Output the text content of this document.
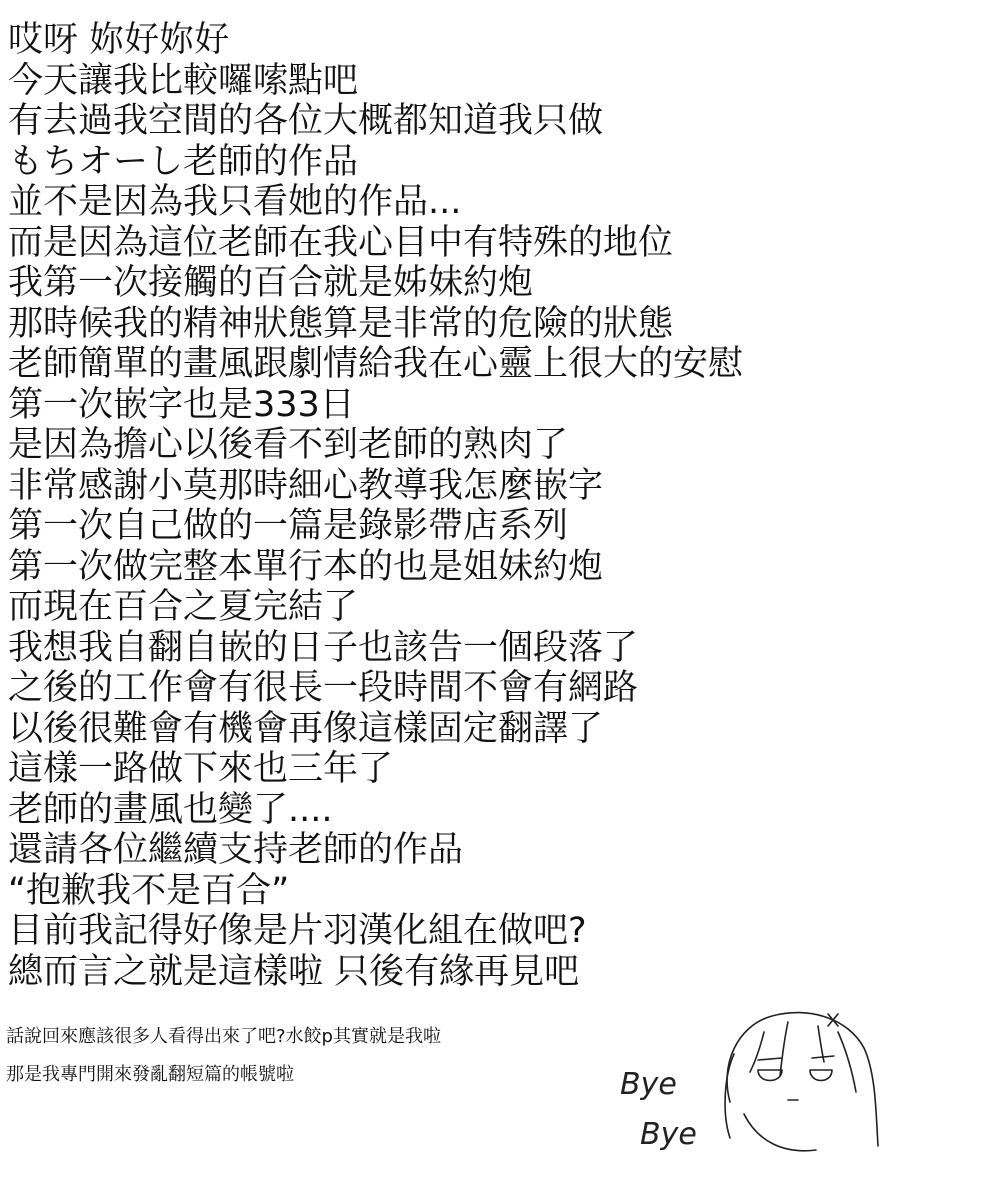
哎呀 妳好妳好
今天讓我比較囉嗦點吧
有去過我空間的各位大概都知道我只做
もちオーし老師的作品
並不是因為我只看她的作品...
而是因為這位老師在我心目中有特殊的地位
我第一次接觸的百合就是姊妹約炮
那時候我的精神狀態算是非常的危險的狀態
老師簡單的畫風跟劇情給我在心靈上很大的安慰
第一次嵌字也是333日
是因為擔心以後看不到老師的熟肉了
非常感謝小莫那時細心教導我怎麼嵌字
第一次自己做的一篇是錄影帶店系列
第一次做完整本單行本的也是姐妹約炮
而現在百合之夏完結了
我想我自翻自嵌的日子也該告一個段落了
之後的工作會有很長一段時間不會有網路
以後很難會有機會再像這樣固定翻譯了
這樣一路做下來也三年了
老師的畫風也變了....
還請各位繼續支持老師的作品
“抱歉我不是百合”
目前我記得好像是片羽漢化組在做吧?
總而言之就是這樣啦 只後有緣再見吧
話說回來應該很多人看得出來了吧?水餃p其實就是我啦
那是我專門開來發亂翻短篇的帳號啦	Bye
Bye
